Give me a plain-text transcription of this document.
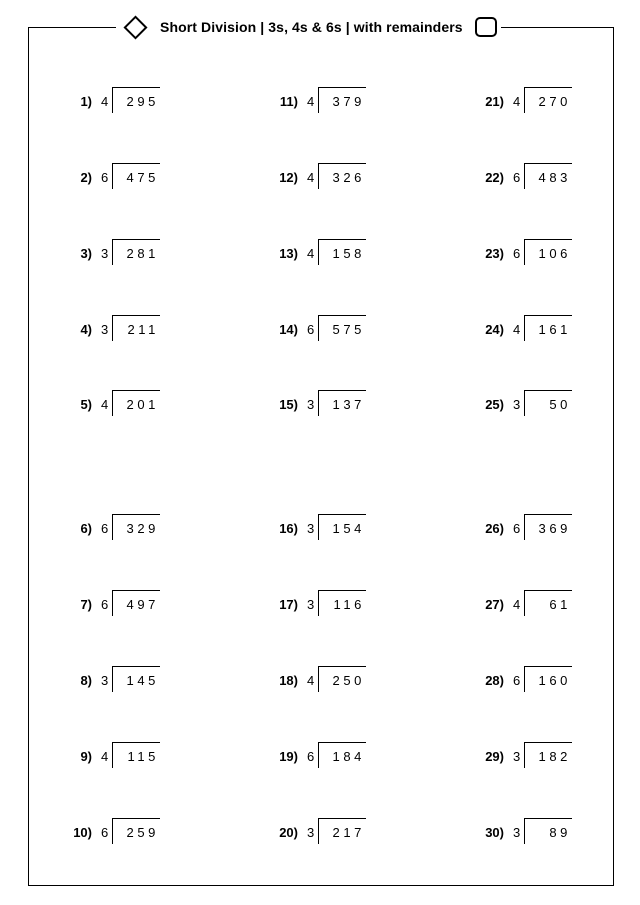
Short Division | 3s, 4s & 6s | with remainders
1) 4	295
2) 6	475
3) 3	281
4) 3	211
5) 4	201
6) 6	329
7) 6	497
8) 3	145
9) 4	115
10) 6	259
11) 4	379
12) 4	326
13) 4	158
14) 6	575
15) 3	137
16) 3	154
17) 3	116
18) 4	250
19) 6	184
20) 3	217
21) 4	270
22) 6	483
23) 6	106
24) 4	161
25) 3	50
26) 6	369
27) 4	61
28) 6	160
29) 3	182
30) 3	89
